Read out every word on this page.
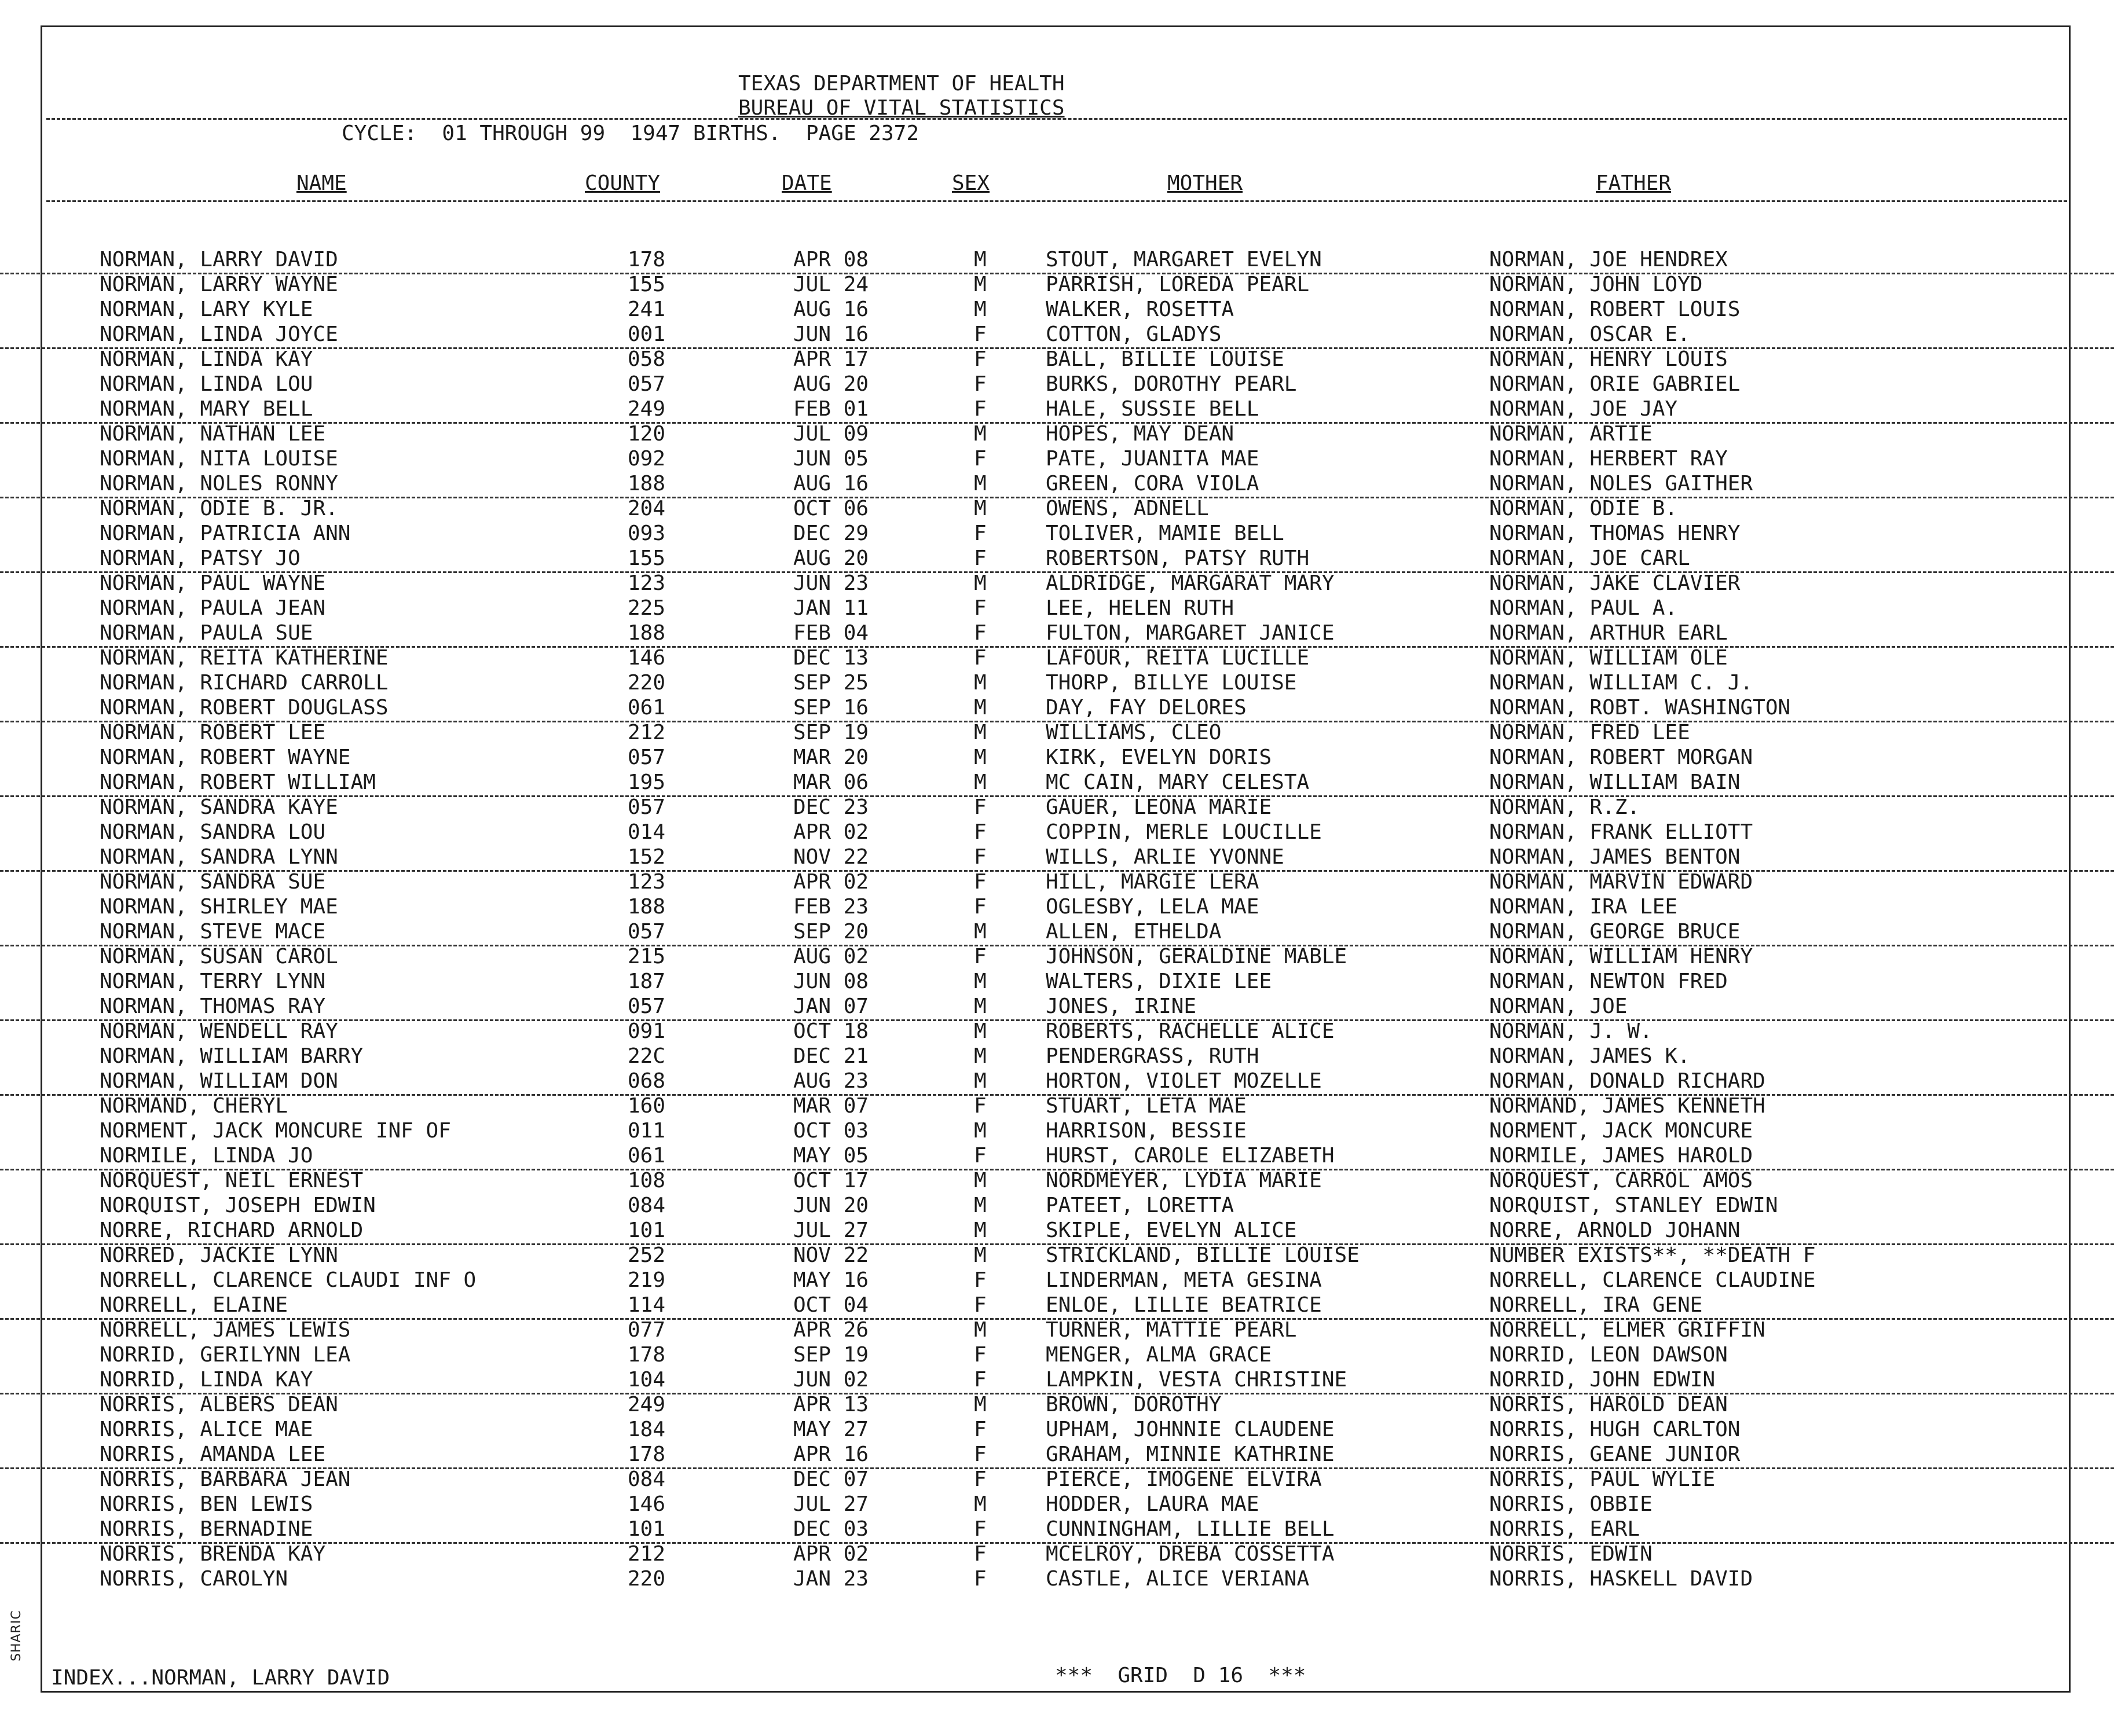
SHARIC
TEXAS DEPARTMENT OF HEALTH
BUREAU OF VITAL STATISTICS
CYCLE:  01 THROUGH 99  1947 BIRTHS.  PAGE 2372
NAME	COUNTY	DATE	SEX	MOTHER	FATHER
NORMAN, LARRY DAVID	178	APR 08	M	STOUT, MARGARET EVELYN	NORMAN, JOE HENDREX
NORMAN, LARRY WAYNE	155	JUL 24	M	PARRISH, LOREDA PEARL	NORMAN, JOHN LOYD
NORMAN, LARY KYLE	241	AUG 16	M	WALKER, ROSETTA	NORMAN, ROBERT LOUIS
NORMAN, LINDA JOYCE	001	JUN 16	F	COTTON, GLADYS	NORMAN, OSCAR E.
NORMAN, LINDA KAY	058	APR 17	F	BALL, BILLIE LOUISE	NORMAN, HENRY LOUIS
NORMAN, LINDA LOU	057	AUG 20	F	BURKS, DOROTHY PEARL	NORMAN, ORIE GABRIEL
NORMAN, MARY BELL	249	FEB 01	F	HALE, SUSSIE BELL	NORMAN, JOE JAY
NORMAN, NATHAN LEE	120	JUL 09	M	HOPES, MAY DEAN	NORMAN, ARTIE
NORMAN, NITA LOUISE	092	JUN 05	F	PATE, JUANITA MAE	NORMAN, HERBERT RAY
NORMAN, NOLES RONNY	188	AUG 16	M	GREEN, CORA VIOLA	NORMAN, NOLES GAITHER
NORMAN, ODIE B. JR.	204	OCT 06	M	OWENS, ADNELL	NORMAN, ODIE B.
NORMAN, PATRICIA ANN	093	DEC 29	F	TOLIVER, MAMIE BELL	NORMAN, THOMAS HENRY
NORMAN, PATSY JO	155	AUG 20	F	ROBERTSON, PATSY RUTH	NORMAN, JOE CARL
NORMAN, PAUL WAYNE	123	JUN 23	M	ALDRIDGE, MARGARAT MARY	NORMAN, JAKE CLAVIER
NORMAN, PAULA JEAN	225	JAN 11	F	LEE, HELEN RUTH	NORMAN, PAUL A.
NORMAN, PAULA SUE	188	FEB 04	F	FULTON, MARGARET JANICE	NORMAN, ARTHUR EARL
NORMAN, REITA KATHERINE	146	DEC 13	F	LAFOUR, REITA LUCILLE	NORMAN, WILLIAM OLE
NORMAN, RICHARD CARROLL	220	SEP 25	M	THORP, BILLYE LOUISE	NORMAN, WILLIAM C. J.
NORMAN, ROBERT DOUGLASS	061	SEP 16	M	DAY, FAY DELORES	NORMAN, ROBT. WASHINGTON
NORMAN, ROBERT LEE	212	SEP 19	M	WILLIAMS, CLEO	NORMAN, FRED LEE
NORMAN, ROBERT WAYNE	057	MAR 20	M	KIRK, EVELYN DORIS	NORMAN, ROBERT MORGAN
NORMAN, ROBERT WILLIAM	195	MAR 06	M	MC CAIN, MARY CELESTA	NORMAN, WILLIAM BAIN
NORMAN, SANDRA KAYE	057	DEC 23	F	GAUER, LEONA MARIE	NORMAN, R.Z.
NORMAN, SANDRA LOU	014	APR 02	F	COPPIN, MERLE LOUCILLE	NORMAN, FRANK ELLIOTT
NORMAN, SANDRA LYNN	152	NOV 22	F	WILLS, ARLIE YVONNE	NORMAN, JAMES BENTON
NORMAN, SANDRA SUE	123	APR 02	F	HILL, MARGIE LERA	NORMAN, MARVIN EDWARD
NORMAN, SHIRLEY MAE	188	FEB 23	F	OGLESBY, LELA MAE	NORMAN, IRA LEE
NORMAN, STEVE MACE	057	SEP 20	M	ALLEN, ETHELDA	NORMAN, GEORGE BRUCE
NORMAN, SUSAN CAROL	215	AUG 02	F	JOHNSON, GERALDINE MABLE	NORMAN, WILLIAM HENRY
NORMAN, TERRY LYNN	187	JUN 08	M	WALTERS, DIXIE LEE	NORMAN, NEWTON FRED
NORMAN, THOMAS RAY	057	JAN 07	M	JONES, IRINE	NORMAN, JOE
NORMAN, WENDELL RAY	091	OCT 18	M	ROBERTS, RACHELLE ALICE	NORMAN, J. W.
NORMAN, WILLIAM BARRY	22C	DEC 21	M	PENDERGRASS, RUTH	NORMAN, JAMES K.
NORMAN, WILLIAM DON	068	AUG 23	M	HORTON, VIOLET MOZELLE	NORMAN, DONALD RICHARD
NORMAND, CHERYL	160	MAR 07	F	STUART, LETA MAE	NORMAND, JAMES KENNETH
NORMENT, JACK MONCURE INF OF	011	OCT 03	M	HARRISON, BESSIE	NORMENT, JACK MONCURE
NORMILE, LINDA JO	061	MAY 05	F	HURST, CAROLE ELIZABETH	NORMILE, JAMES HAROLD
NORQUEST, NEIL ERNEST	108	OCT 17	M	NORDMEYER, LYDIA MARIE	NORQUEST, CARROL AMOS
NORQUIST, JOSEPH EDWIN	084	JUN 20	M	PATEET, LORETTA	NORQUIST, STANLEY EDWIN
NORRE, RICHARD ARNOLD	101	JUL 27	M	SKIPLE, EVELYN ALICE	NORRE, ARNOLD JOHANN
NORRED, JACKIE LYNN	252	NOV 22	M	STRICKLAND, BILLIE LOUISE	NUMBER EXISTS**, **DEATH F
NORRELL, CLARENCE CLAUDI INF O	219	MAY 16	F	LINDERMAN, META GESINA	NORRELL, CLARENCE CLAUDINE
NORRELL, ELAINE	114	OCT 04	F	ENLOE, LILLIE BEATRICE	NORRELL, IRA GENE
NORRELL, JAMES LEWIS	077	APR 26	M	TURNER, MATTIE PEARL	NORRELL, ELMER GRIFFIN
NORRID, GERILYNN LEA	178	SEP 19	F	MENGER, ALMA GRACE	NORRID, LEON DAWSON
NORRID, LINDA KAY	104	JUN 02	F	LAMPKIN, VESTA CHRISTINE	NORRID, JOHN EDWIN
NORRIS, ALBERS DEAN	249	APR 13	M	BROWN, DOROTHY	NORRIS, HAROLD DEAN
NORRIS, ALICE MAE	184	MAY 27	F	UPHAM, JOHNNIE CLAUDENE	NORRIS, HUGH CARLTON
NORRIS, AMANDA LEE	178	APR 16	F	GRAHAM, MINNIE KATHRINE	NORRIS, GEANE JUNIOR
NORRIS, BARBARA JEAN	084	DEC 07	F	PIERCE, IMOGENE ELVIRA	NORRIS, PAUL WYLIE
NORRIS, BEN LEWIS	146	JUL 27	M	HODDER, LAURA MAE	NORRIS, OBBIE
NORRIS, BERNADINE	101	DEC 03	F	CUNNINGHAM, LILLIE BELL	NORRIS, EARL
NORRIS, BRENDA KAY	212	APR 02	F	MCELROY, DREBA COSSETTA	NORRIS, EDWIN
NORRIS, CAROLYN	220	JAN 23	F	CASTLE, ALICE VERIANA	NORRIS, HASKELL DAVID
INDEX...NORMAN, LARRY DAVID	***  GRID  D 16  ***
